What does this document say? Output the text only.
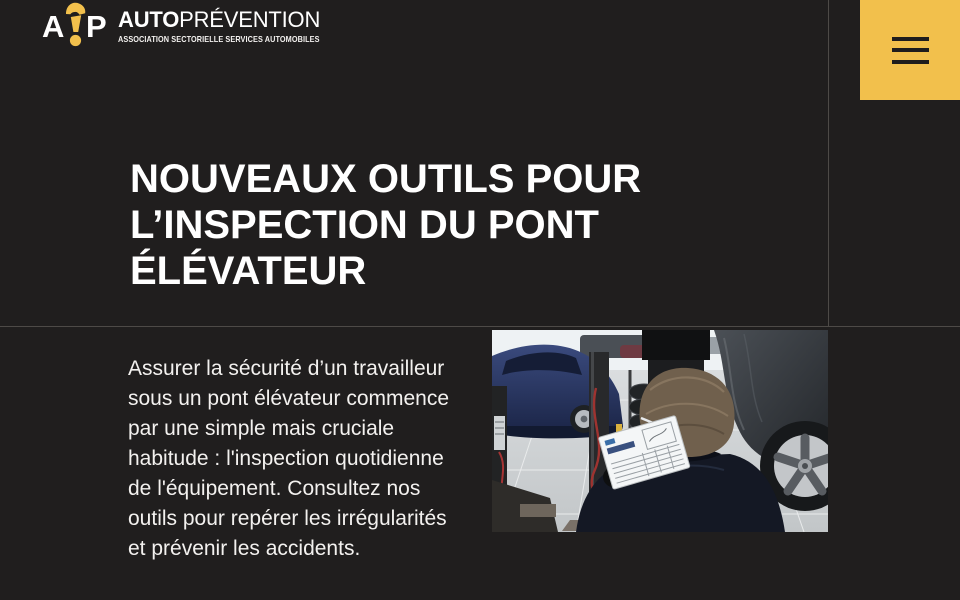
A P AUTOPRÉVENTION
ASSOCIATION SECTORIELLE SERVICES AUTOMOBILES
NOUVEAUX OUTILS POUR L’INSPECTION DU PONT ÉLÉVATEUR

Assurer la sécurité d’un travailleur sous un pont élévateur commence par une simple mais cruciale habitude : l'inspection quotidienne de l'équipement. Consultez nos outils pour repérer les irrégularités et prévenir les accidents.
